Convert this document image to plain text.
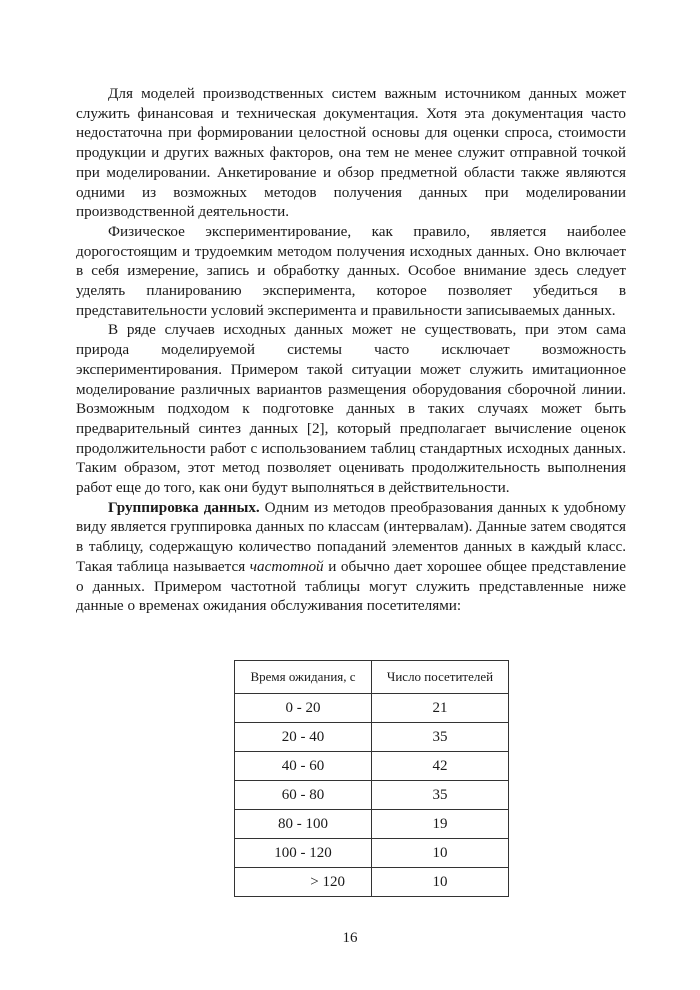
Для моделей производственных систем важным источником данных может служить финансовая и техническая документация. Хотя эта документация часто недостаточна при формировании целостной основы для оценки спроса, стоимости продукции и других важных факторов, она тем не менее служит отправной точкой при моделировании. Анкетирование и обзор предметной области также являются одними из возможных методов получения данных при моделировании производственной деятельности.

Физическое экспериментирование, как правило, является наиболее дорогостоящим и трудоемким методом получения исходных данных. Оно включает в себя измерение, запись и обработку данных. Особое внимание здесь следует уделять планированию эксперимента, которое позволяет убедиться в представительности условий эксперимента и правильности записываемых данных.

В ряде случаев исходных данных может не существовать, при этом сама природа моделируемой системы часто исключает возможность экспериментирования. Примером такой ситуации может служить имитационное моделирование различных вариантов размещения оборудования сборочной линии. Возможным подходом к подготовке данных в таких случаях может быть предварительный синтез данных [2], который предполагает вычисление оценок продолжительности работ с использованием таблиц стандартных исходных данных. Таким образом, этот метод позволяет оценивать продолжительность выполнения работ еще до того, как они будут выполняться в действительности.

Группировка данных. Одним из методов преобразования данных к удобному виду является группировка данных по классам (интервалам). Данные затем сводятся в таблицу, содержащую количество попаданий элементов данных в каждый класс. Такая таблица называется частотной и обычно дает хорошее общее представление о данных. Примером частотной таблицы могут служить представленные ниже данные о временах ожидания обслуживания посетителями:

Время ожидания, с	Число посетителей
0 - 20	21
20 - 40	35
40 - 60	42
60 - 80	35
80 - 100	19
100 - 120	10
> 120	10
16
